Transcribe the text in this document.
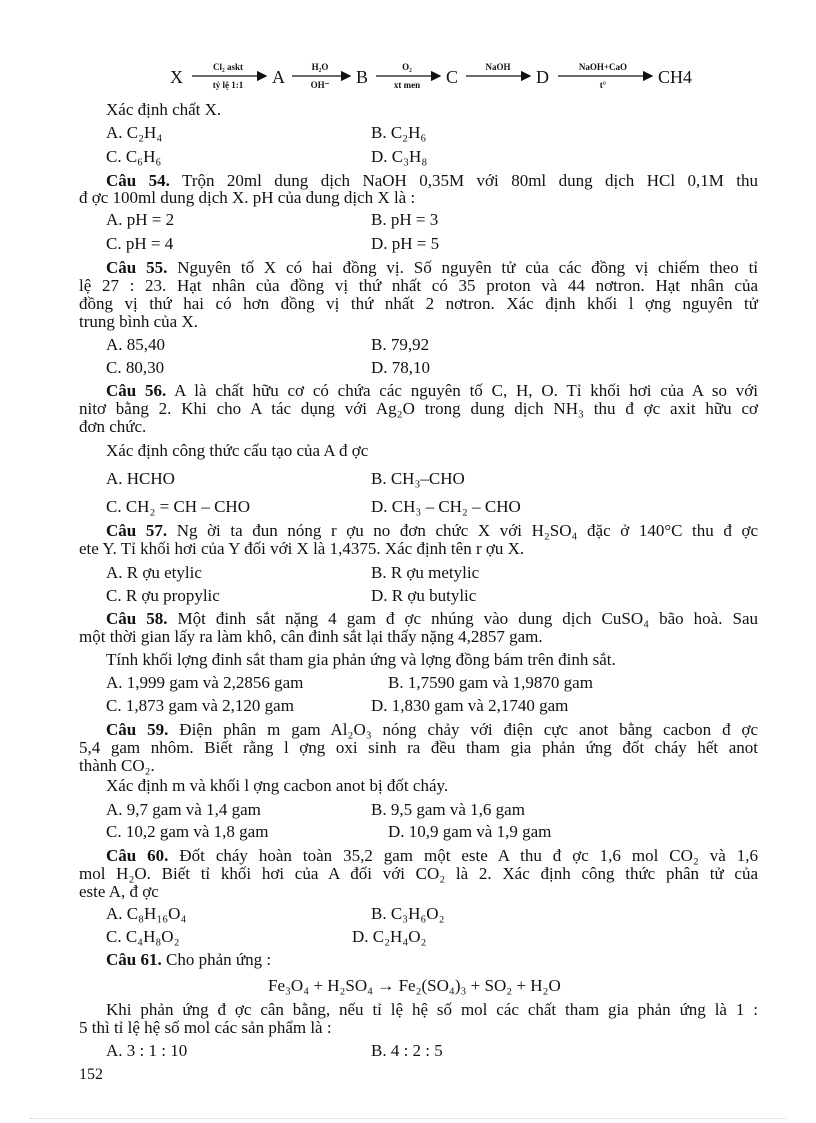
X	Cl₂ askt
tỷ lệ 1:1 A	H₂O
OH⁻ B	O₂
xt men C	NaOH D	NaOH+CaO
t°	CH4
Xác định chất X.
A. C₂H₄	B. C₂H₆
C. C₆H₆	D. C₃H₈
Câu 54. Trộn 20ml dung dịch NaOH 0,35M với 80ml dung dịch HCl 0,1M thu
đ ợc 100ml dung dịch X. pH của dung dịch X là :
A. pH = 2	B. pH = 3
C. pH = 4	D. pH = 5
Câu 55. Nguyên tố X có hai đồng vị. Số nguyên tử của các đồng vị chiếm theo tỉ
lệ 27 : 23. Hạt nhân của đồng vị thứ nhất có 35 proton và 44 nơtron. Hạt nhân của
đồng vị thứ hai có hơn đồng vị thứ nhất 2 nơtron. Xác định khối l ợng nguyên tử
trung bình của X.
A. 85,40	B. 79,92
C. 80,30	D. 78,10
Câu 56. A là chất hữu cơ có chứa các nguyên tố C, H, O. Tỉ khối hơi của A so với
nitơ bằng 2. Khi cho A tác dụng với Ag₂O trong dung dịch NH₃ thu đ ợc axit hữu cơ
đơn chức.
Xác định công thức cấu tạo của A đ ợc
A. HCHO	B. CH₃–CHO
C. CH₂ = CH – CHO	D. CH₃ – CH₂ – CHO
Câu 57. Ng ời ta đun nóng r ợu no đơn chức X với H₂SO₄ đặc ở 140°C thu đ ợc
ete Y. Tỉ khối hơi của Y đối với X là 1,4375. Xác định tên r ợu X.
A. R ợu etylic	B. R ợu metylic
C. R ợu propylic	D. R ợu butylic
Câu 58. Một đinh sắt nặng 4 gam đ ợc nhúng vào dung dịch CuSO₄ bão hoà. Sau
một thời gian lấy ra làm khô, cân đinh sắt lại thấy nặng 4,2857 gam.
Tính khối lợng đinh sắt tham gia phản ứng và lợng đồng bám trên đinh sắt.
A. 1,999 gam và 2,2856 gam	B. 1,7590 gam và 1,9870 gam
C. 1,873 gam và 2,120 gam	D. 1,830 gam và 2,1740 gam
Câu 59. Điện phân m gam Al₂O₃ nóng chảy với điện cực anot bằng cacbon đ ợc
5,4 gam nhôm. Biết rằng l ợng oxi sinh ra đều tham gia phản ứng đốt cháy hết anot
thành CO₂.
Xác định m và khối l ợng cacbon anot bị đốt cháy.
A. 9,7 gam và 1,4 gam	B. 9,5 gam và 1,6 gam
C. 10,2 gam và 1,8 gam	D. 10,9 gam và 1,9 gam
Câu 60. Đốt cháy hoàn toàn 35,2 gam một este A thu đ ợc 1,6 mol CO₂ và 1,6
mol H₂O. Biết tỉ khối hơi của A đối với CO₂ là 2. Xác định công thức phân tử của
este A, đ ợc
A. C₈H₁₆O₄	B. C₃H₆O₂
C. C₄H₈O₂	D. C₂H₄O₂
Câu 61. Cho phản ứng :
Fe₃O₄ + H₂SO₄ → Fe₂(SO₄)₃ + SO₂ + H₂O
Khi phản ứng đ ợc cân bằng, nếu tỉ lệ hệ số mol các chất tham gia phản ứng là 1 :
5 thì tỉ lệ hệ số mol các sản phẩm là :
A. 3 : 1 : 10	B. 4 : 2 : 5
152
